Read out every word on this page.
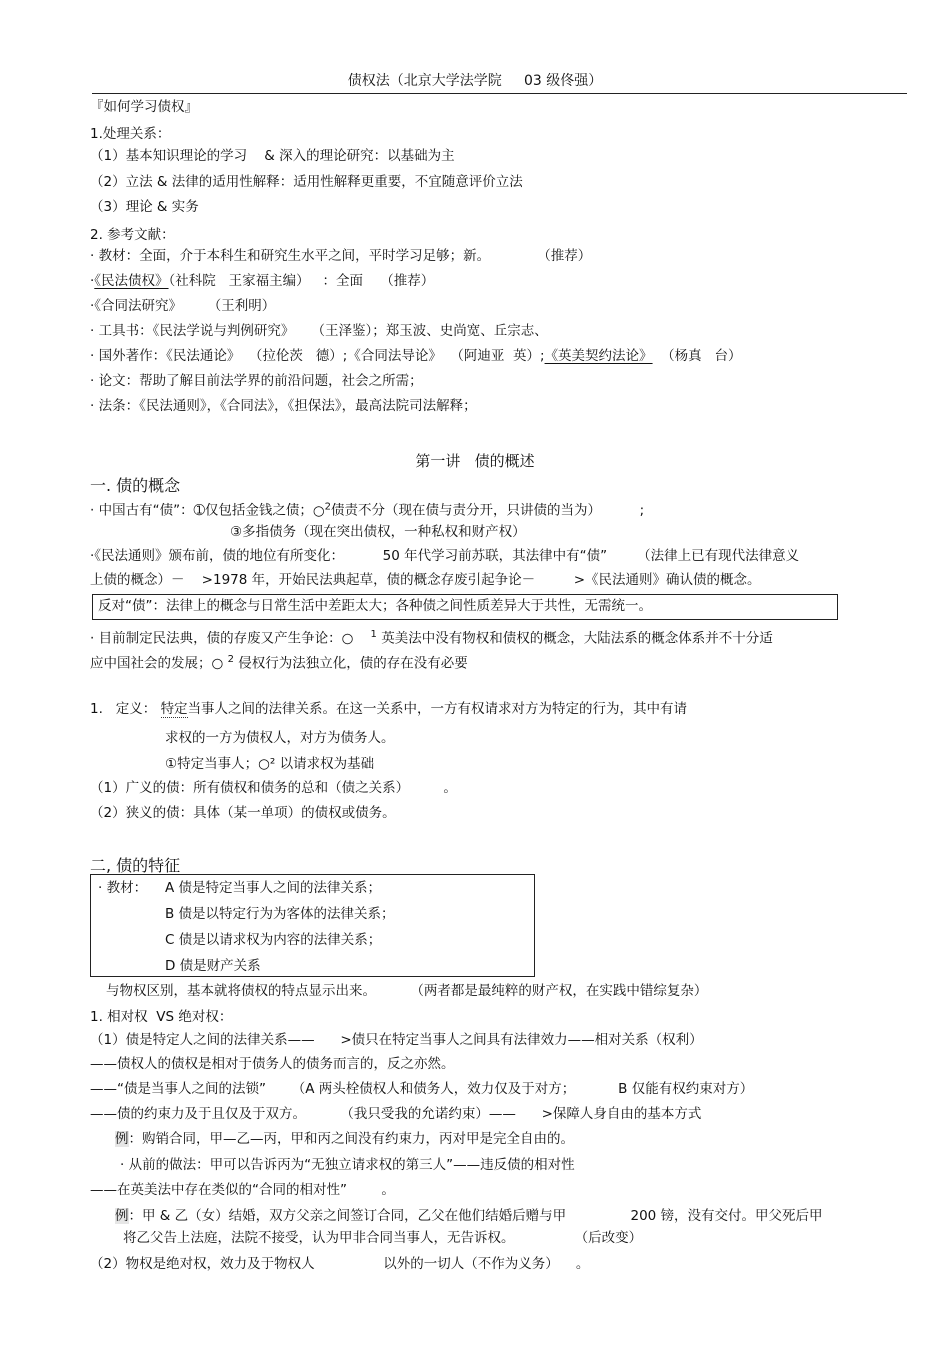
债权法（北京大学法学院     03 级佟强）
『如何学习债权』
1.处理关系：
（1）基本知识理论的学习    & 深入的理论研究：以基础为主
（2）立法 & 法律的适用性解释：适用性解释更重要，不宜随意评价立法
（3）理论 & 实务
2. 参考文献：
· 教材：全面，介于本科生和研究生水平之间，平时学习足够；新。           （推荐）
·《民法债权》（社科院   王家福主编）   ：全面    （推荐）
·《合同法研究》      （王利明）
· 工具书：《民法学说与判例研究》    （王泽鉴）；郑玉波、史尚宽、丘宗志、
· 国外著作：《民法通论》  （拉伦茨   德）;《合同法导论》  （阿迪亚  英）;《英美契约法论》  （杨真   台）
· 论文：帮助了解目前法学界的前沿问题，社会之所需；
· 法条：《民法通则》，《合同法》，《担保法》，最高法院司法解释；
第一讲   债的概述
一. 债的概念
· 中国古有“债”：➀仅包括金钱之债；○$^2$债责不分（现在债与责分开，只讲债的当为）         ;
③多指债务（现在突出债权，一种私权和财产权）
·《民法通则》颁布前，债的地位有所变化：         50 年代学习前苏联，其法律中有“债”       （法律上已有现代法律意义
上债的概念）－    >1978 年，开始民法典起草，债的概念存废引起争论－         >《民法通则》确认债的概念。
反对“债”：法律上的概念与日常生活中差距太大；各种债之间性质差异大于共性，无需统一。
· 目前制定民法典，债的存废又产生争论：○    $^1$ 英美法中没有物权和债权的概念，大陆法系的概念体系并不十分适
应中国社会的发展；○ $^2$ 侵权行为法独立化，债的存在没有必要
1.   定义： 特定当事人之间的法律关系。在这一关系中，一方有权请求对方为特定的行为，其中有请
求权的一方为债权人，对方为债务人。
①特定当事人；○² 以请求权为基础
（1）广义的债：所有债权和债务的总和（债之关系）        。
（2）狭义的债：具体（某一单项）的债权或债务。
二, 债的特征
· 教材： A 债是特定当事人之间的法律关系；
B 债是以特定行为为客体的法律关系；
C 债是以请求权为内容的法律关系；
D 债是财产关系
与物权区别，基本就将债权的特点显示出来。        （两者都是最纯粹的财产权，在实践中错综复杂）
1. 相对权  VS 绝对权：
（1）债是特定人之间的法律关系——      >债只在特定当事人之间具有法律效力——相对关系（权利）
——债权人的债权是相对于债务人的债务而言的，反之亦然。
——“债是当事人之间的法锁”      （A 两头栓债权人和债务人，效力仅及于对方；          B 仅能有权约束对方）
——债的约束力及于且仅及于双方。        （我只受我的允诺约束）——      >保障人身自由的基本方式
例：购销合同，甲—乙—丙，甲和丙之间没有约束力，丙对甲是完全自由的。
· 从前的做法：甲可以告诉丙为“无独立请求权的第三人”——违反债的相对性
——在英美法中存在类似的“合同的相对性”        。
例：甲 & 乙（女）结婚，双方父亲之间签订合同，乙父在他们结婚后赠与甲               200 镑，没有交付。甲父死后甲
将乙父告上法庭，法院不接受，认为甲非合同当事人，无告诉权。              （后改变）
（2）物权是绝对权，效力及于物权人                以外的一切人（不作为义务）    。
